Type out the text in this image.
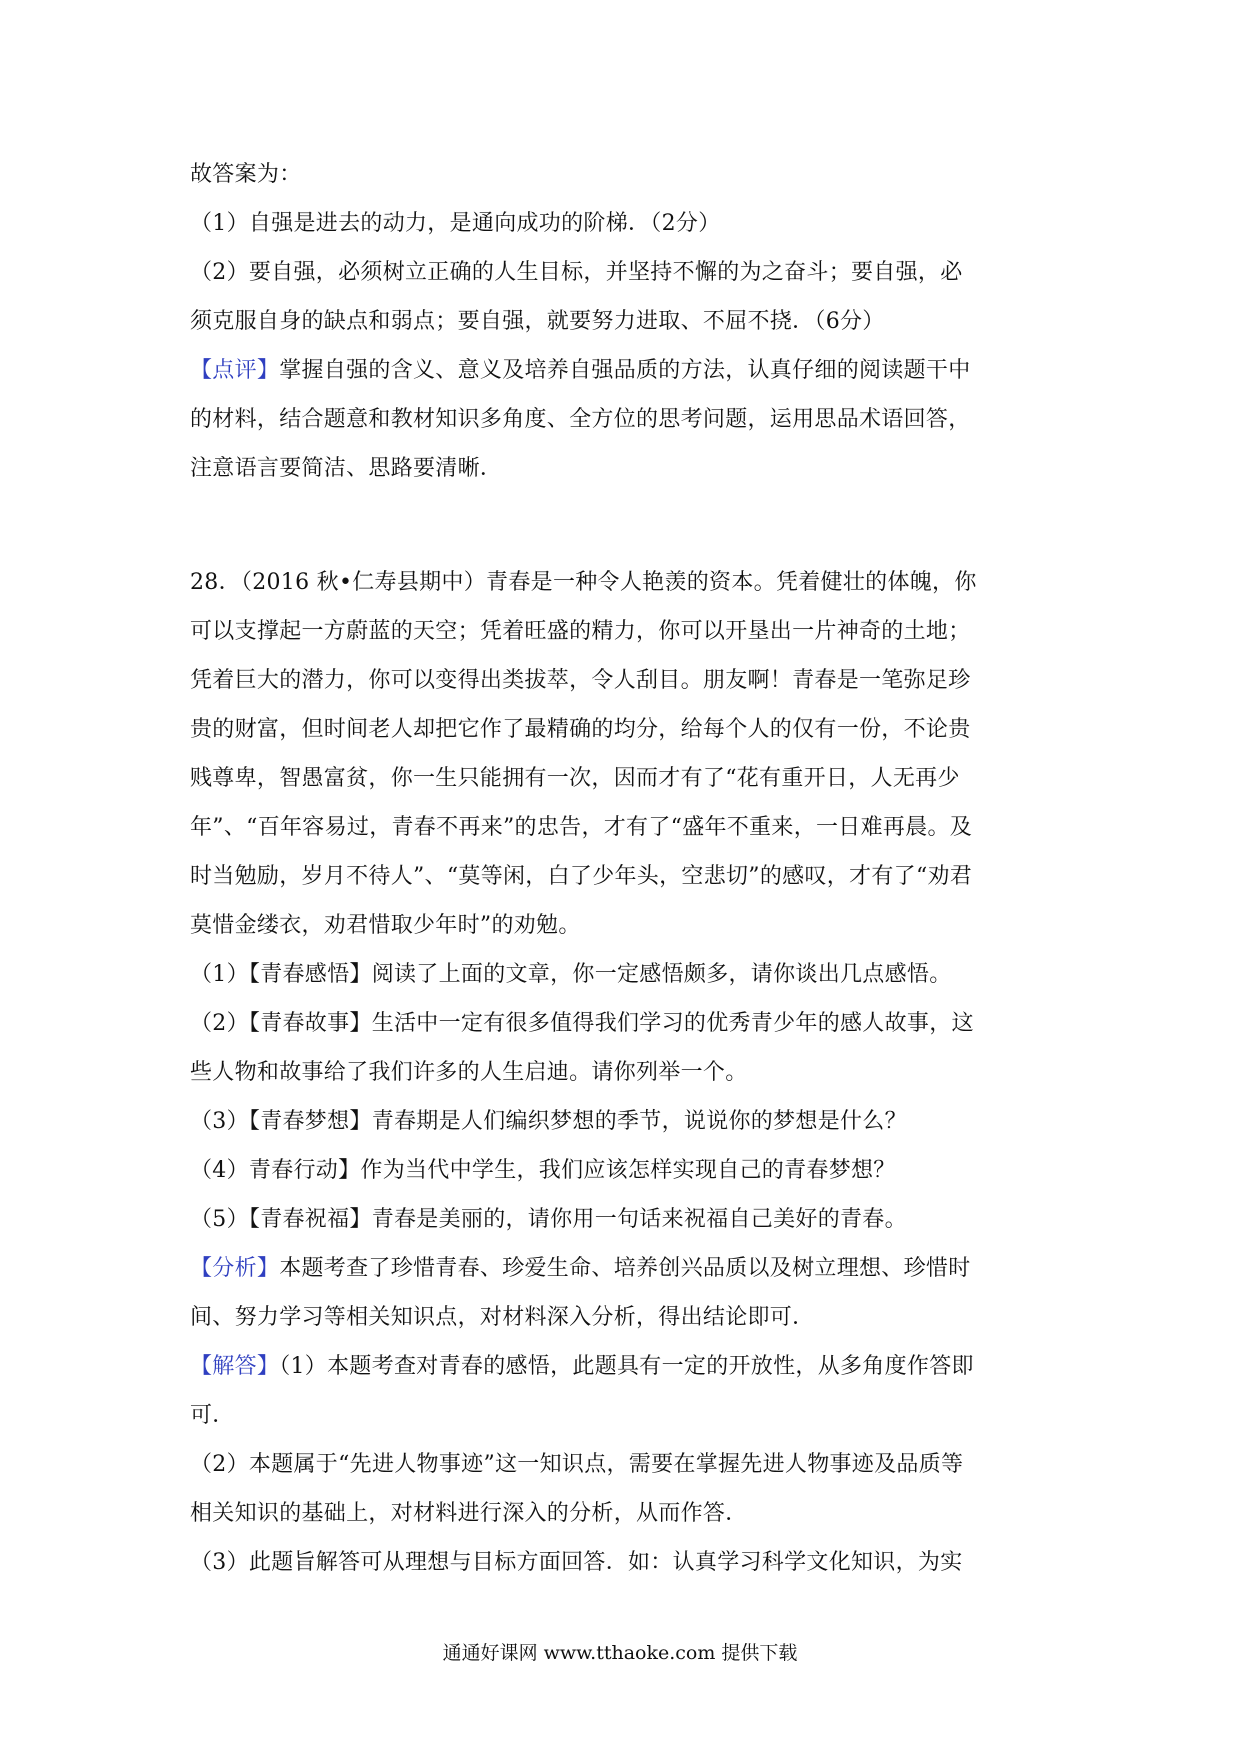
故答案为：
（1）自强是进去的动力，是通向成功的阶梯．（2分）
（2）要自强，必须树立正确的人生目标，并坚持不懈的为之奋斗；要自强，必
须克服自身的缺点和弱点；要自强，就要努力进取、不屈不挠．（6分）
【点评】掌握自强的含义、意义及培养自强品质的方法，认真仔细的阅读题干中
的材料，结合题意和教材知识多角度、全方位的思考问题，运用思品术语回答，
注意语言要简洁、思路要清晰．
28．（2016 秋•仁寿县期中）青春是一种令人艳羡的资本。凭着健壮的体魄，你
可以支撑起一方蔚蓝的天空；凭着旺盛的精力，你可以开垦出一片神奇的土地；
凭着巨大的潜力，你可以变得出类拔萃，令人刮目。朋友啊！青春是一笔弥足珍
贵的财富，但时间老人却把它作了最精确的均分，给每个人的仅有一份，不论贵
贱尊卑，智愚富贫，你一生只能拥有一次，因而才有了“花有重开日，人无再少
年”、“百年容易过，青春不再来”的忠告，才有了“盛年不重来，一日难再晨。及
时当勉励，岁月不待人”、“莫等闲，白了少年头，空悲切”的感叹，才有了“劝君
莫惜金缕衣，劝君惜取少年时”的劝勉。
（1）【青春感悟】阅读了上面的文章，你一定感悟颇多，请你谈出几点感悟。
（2）【青春故事】生活中一定有很多值得我们学习的优秀青少年的感人故事，这
些人物和故事给了我们许多的人生启迪。请你列举一个。
（3）【青春梦想】青春期是人们编织梦想的季节，说说你的梦想是什么？
（4）青春行动】作为当代中学生，我们应该怎样实现自己的青春梦想？
（5）【青春祝福】青春是美丽的，请你用一句话来祝福自己美好的青春。
【分析】本题考查了珍惜青春、珍爱生命、培养创兴品质以及树立理想、珍惜时
间、努力学习等相关知识点，对材料深入分析，得出结论即可．
【解答】（1）本题考查对青春的感悟，此题具有一定的开放性，从多角度作答即
可．
（2）本题属于“先进人物事迹”这一知识点，需要在掌握先进人物事迹及品质等
相关知识的基础上，对材料进行深入的分析，从而作答．
（3）此题旨解答可从理想与目标方面回答．如：认真学习科学文化知识，为实
通通好课网 www.tthaoke.com 提供下载
